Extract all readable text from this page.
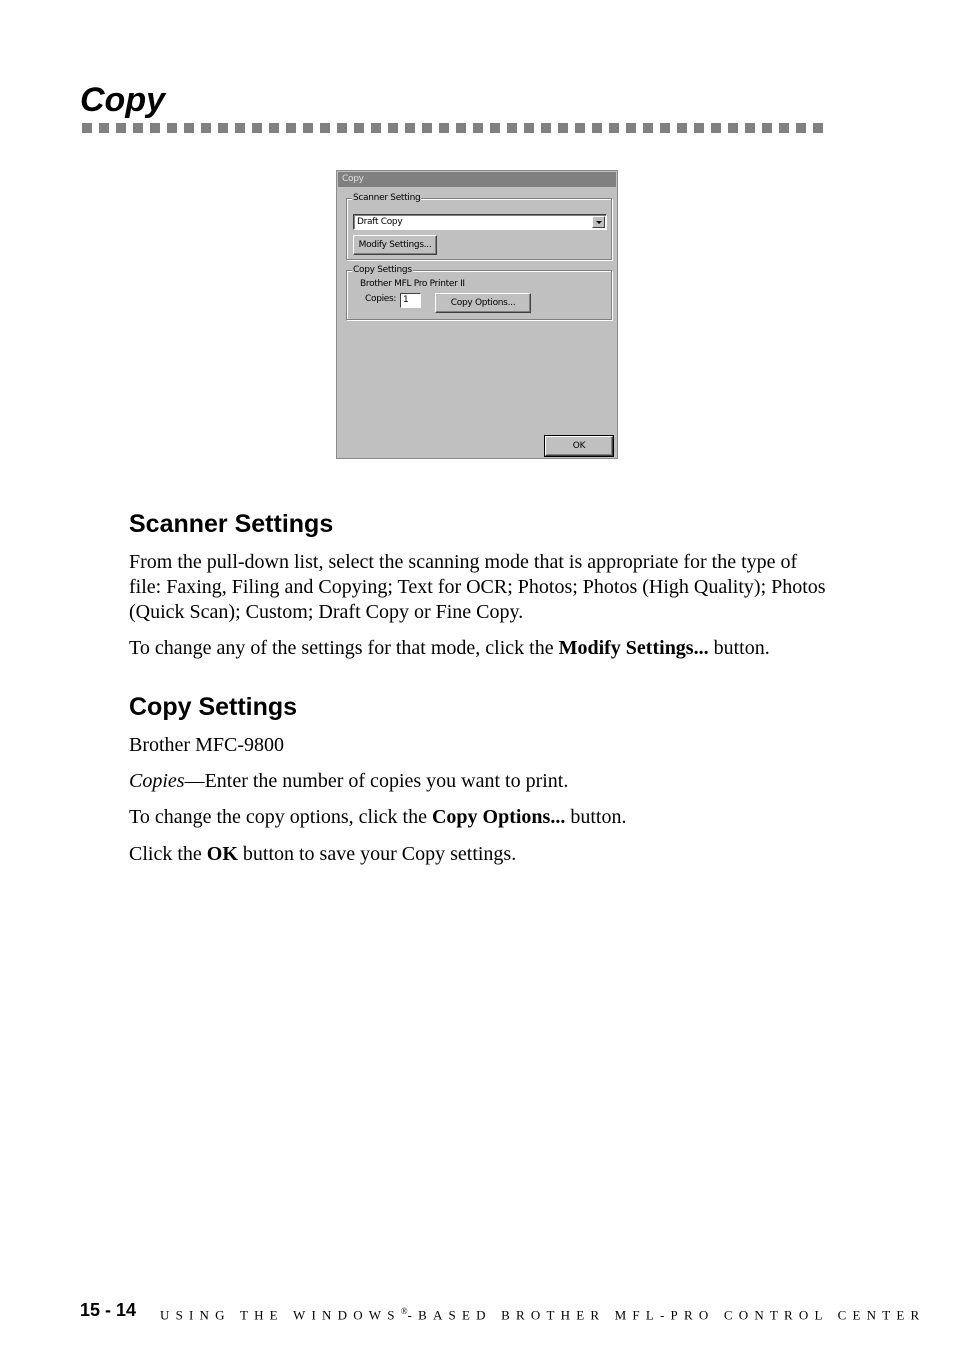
Copy
Copy
Scanner Setting
Draft Copy
Modify Settings...
Copy Settings
Brother MFL Pro Printer II
Copies: 1	Copy Options...
OK
Scanner Settings

From the pull-down list, select the scanning mode that is appropriate for the type of file: Faxing, Filing and Copying; Text for OCR; Photos; Photos (High Quality); Photos (Quick Scan); Custom; Draft Copy or Fine Copy.

To change any of the settings for that mode, click the Modify Settings... button.

Copy Settings

Brother MFC-9800

Copies—Enter the number of copies you want to print.

To change the copy options, click the Copy Options... button.

Click the OK button to save your Copy settings.

15 - 14 USING THE WINDOWS®-BASED BROTHER MFL-PRO CONTROL CENTER
